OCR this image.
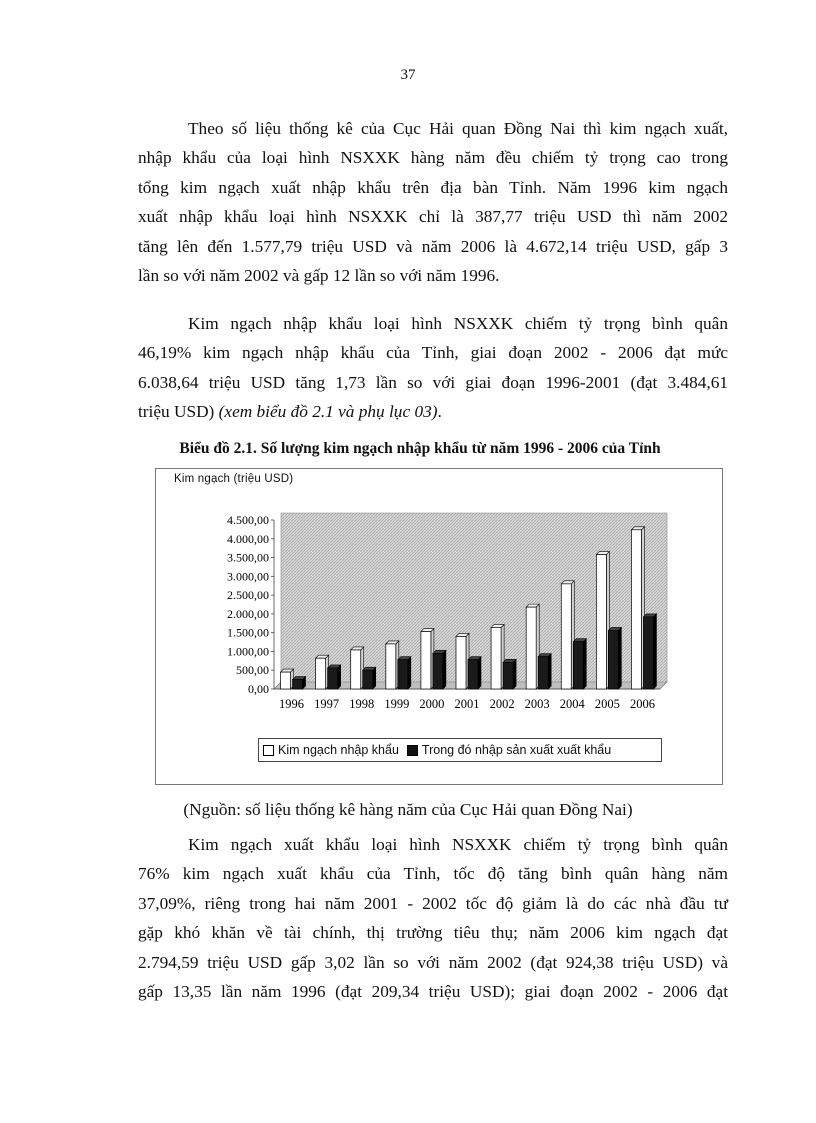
37
Theo số liệu thống kê của Cục Hải quan Đồng Nai thì kim ngạch xuất,
nhập khẩu của loại hình NSXXK hàng năm đều chiếm tỷ trọng cao trong
tổng kim ngạch xuất nhập khẩu trên địa bàn Tỉnh. Năm 1996 kim ngạch
xuất nhập khẩu loại hình NSXXK chỉ là 387,77 triệu USD thì năm 2002
tăng lên đến 1.577,79 triệu USD và năm 2006 là 4.672,14 triệu USD, gấp 3
lần so với năm 2002 và gấp 12 lần so với năm 1996.
Kim ngạch nhập khẩu loại hình NSXXK chiếm tỷ trọng bình quân
46,19% kim ngạch nhập khẩu của Tỉnh, giai đoạn 2002 - 2006 đạt mức
6.038,64 triệu USD tăng 1,73 lần so với giai đoạn 1996-2001 (đạt 3.484,61
triệu USD) (xem biểu đồ 2.1 và phụ lục 03).
Biểu đồ 2.1. Số lượng kim ngạch nhập khẩu từ năm 1996 - 2006 của Tỉnh
Kim ngạch (triệu USD)
0,00
500,00
1.000,00
1.500,00
2.000,00
2.500,00
3.000,00
3.500,00
4.000,00
4.500,00
1996 1997 1998 1999 2000 2001 2002 2003 2004 2005 2006
Kim ngạch nhập khẩu Trong đó nhập sản xuất xuất khẩu
(Nguồn: số liệu thống kê hàng năm của Cục Hải quan Đồng Nai)
Kim ngạch xuất khẩu loại hình NSXXK chiếm tỷ trọng bình quân
76% kim ngạch xuất khẩu của Tỉnh, tốc độ tăng bình quân hàng năm
37,09%, riêng trong hai năm 2001 - 2002 tốc độ giảm là do các nhà đầu tư
gặp khó khăn về tài chính, thị trường tiêu thụ; năm 2006 kim ngạch đạt
2.794,59 triệu USD gấp 3,02 lần so với năm 2002 (đạt 924,38 triệu USD) và
gấp 13,35 lần năm 1996 (đạt 209,34 triệu USD); giai đoạn 2002 - 2006 đạt
